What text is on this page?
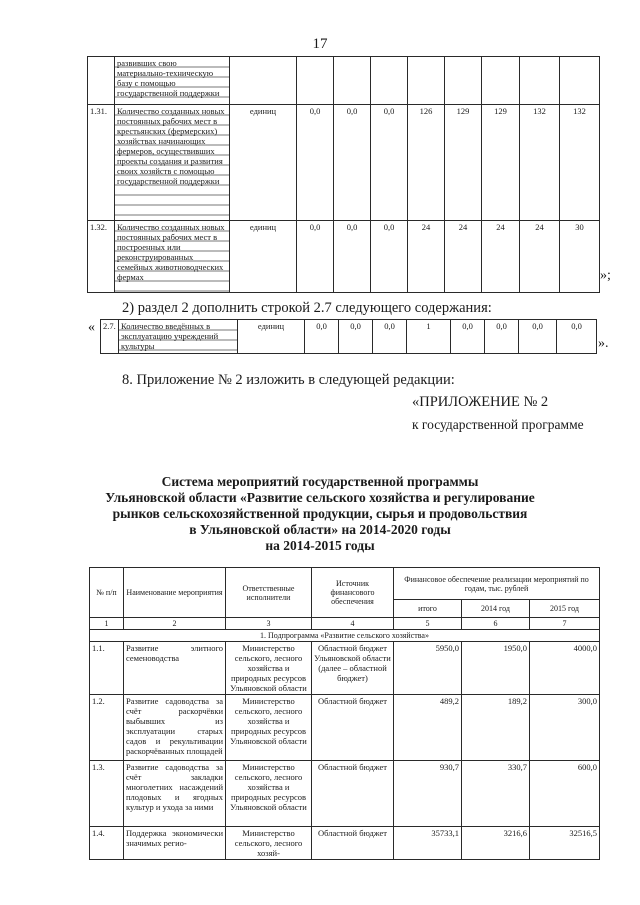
17
	развивших свою материально-техническую базу с помощью государственной поддержки									
1.31.	Количество созданных новых постоянных рабочих мест в крестьянских (фермерских) хозяйствах начинающих фермеров, осуществивших проекты создания и развития своих хозяйств с помощью государственной поддержки	единиц	0,0	0,0	0,0	126	129	129	132	132
1.32.	Количество созданных новых постоянных рабочих мест в построенных или реконструированных семейных животноводческих фермах	единиц	0,0	0,0	0,0	24	24	24	24	30
»;
2) раздел 2 дополнить строкой 2.7 следующего содержания:
« 2.7.	Количество введённых в эксплуатацию учреждений культуры	единиц	0,0	0,0	0,0	1	0,0	0,0	0,0	0,0
».
8. Приложение № 2 изложить в следующей редакции:
«ПРИЛОЖЕНИЕ № 2
к государственной программе
Система мероприятий государственной программы
Ульяновской области «Развитие сельского хозяйства и регулирование
рынков сельскохозяйственной продукции, сырья и продовольствия
в Ульяновской области» на 2014-2020 годы
на 2014-2015 годы
№ п/п	Наименование мероприятия	Ответственные исполнители	Источник финансового обеспечения	Финансовое обеспечение реализации мероприятий по годам, тыс. рублей		
				итого	2014 год	2015 год
1	2	3	4	5	6	7
1. Подпрограмма «Развитие сельского хозяйства»						
1.1.	Развитие элитного семеноводства	Министерство сельского, лесного хозяйства и природных ресурсов Ульяновской области	Областной бюджет Ульяновской области (далее – областной бюджет)	5950,0	1950,0	4000,0
1.2.	Развитие садоводства за счёт раскорчёвки выбывших из эксплуатации старых садов и рекультивации раскорчёванных площадей	Министерство сельского, лесного хозяйства и природных ресурсов Ульяновской области	Областной бюджет	489,2	189,2	300,0
1.3.	Развитие садоводства за счёт закладки многолетних насаждений плодовых и ягодных культур и ухода за ними	Министерство сельского, лесного хозяйства и природных ресурсов Ульяновской области	Областной бюджет	930,7	330,7	600,0
1.4.	Поддержка экономически значимых регио-	Министерство сельского, лесного хозяй-	Областной бюджет	35733,1	3216,6	32516,5
